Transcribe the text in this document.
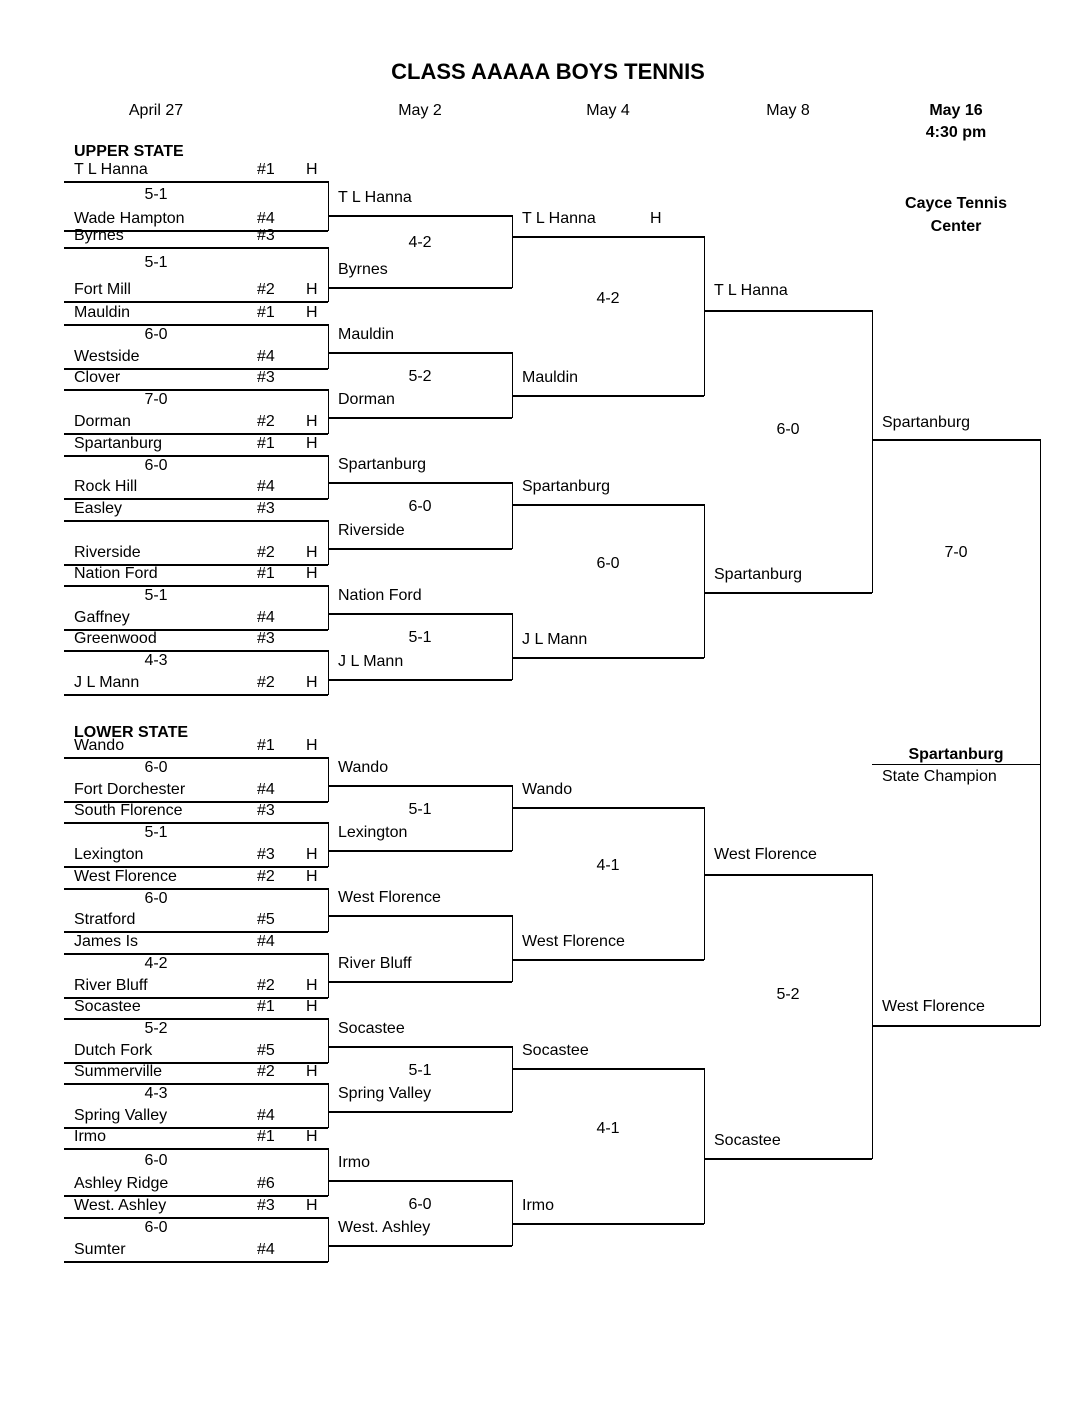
CLASS AAAAA BOYS TENNIS
April 27	May 2	May 4	May 8	May 16
4:30 pm
UPPER STATE
LOWER STATE
Cayce Tennis
Center
Spartanburg
State Champion
T L Hanna	#1 H
Wade Hampton	#4
5-1
Byrnes	#3
Fort Mill	#2 H
5-1
Mauldin	#1 H
Westside	#4
6-0
Clover	#3
Dorman	#2 H
7-0
Spartanburg	#1 H
Rock Hill	#4
6-0
Easley	#3
Riverside	#2 H
Nation Ford	#1 H
Gaffney	#4
5-1
Greenwood	#3
J L Mann	#2 H
4-3
Wando	#1 H
Fort Dorchester	#4
6-0
South Florence	#3
Lexington	#3 H
5-1
West Florence	#2 H
Stratford	#5
6-0
James Is	#4
River Bluff	#2 H
4-2
Socastee	#1 H
Dutch Fork	#5
5-2
Summerville	#2 H
Spring Valley	#4
4-3
Irmo	#1 H
Ashley Ridge	#6
6-0
West. Ashley	#3 H
Sumter	#4
6-0
T L Hanna
Byrnes
4-2
Mauldin
Dorman
5-2
Spartanburg
Riverside
6-0
Nation Ford
J L Mann
5-1
Wando
Lexington
5-1
West Florence
River Bluff
Socastee
Spring Valley
5-1
Irmo
West. Ashley
6-0
T L Hanna	H
Mauldin
4-2
Spartanburg
J L Mann
6-0
Wando
West Florence
4-1
Socastee
Irmo
4-1
T L Hanna
Spartanburg
6-0
West Florence
Socastee
5-2
Spartanburg
West Florence
7-0
